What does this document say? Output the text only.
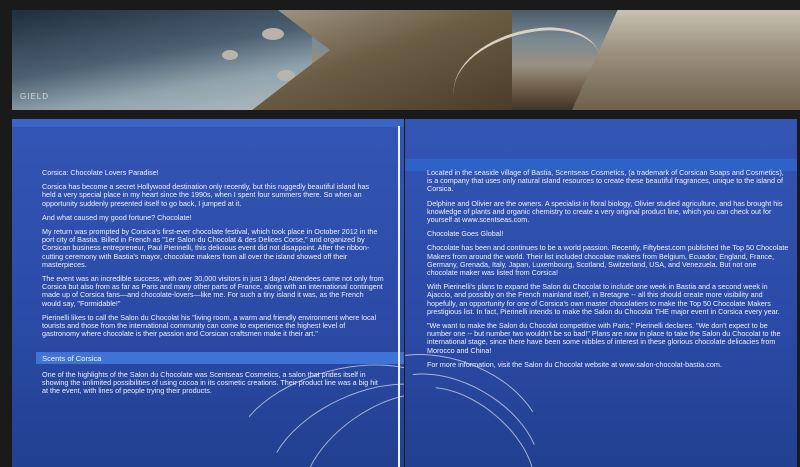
GIELD

Corsica: Chocolate Lovers Paradise!

Corsica has become a secret Hollywood destination only recently, but this ruggedly beautiful island has held a very special place in my heart since the 1990s, when I spent four summers there. So when an opportunity suddenly presented itself to go back, I jumped at it.

And what caused my good fortune? Chocolate!

My return was prompted by Corsica's first-ever chocolate festival, which took place in October 2012 in the port city of Bastia. Billed in French as "1er Salon du Chocolat & des Delices Corse," and organized by Corsican business entrepreneur, Paul Pierinelli, this delicious event did not disappoint. After the ribbon-cutting ceremony with Bastia's mayor, chocolate makers from all over the island showed off their masterpieces.

The event was an incredible success, with over 30,000 visitors in just 3 days! Attendees came not only from Corsica but also from as far as Paris and many other parts of France, along with an international contingent made up of Corsica fans—and chocolate-lovers—like me. For such a tiny island it was, as the French would say, "Formidable!"

Pierinelli likes to call the Salon du Chocolat his "living room, a warm and friendly environment where local tourists and those from the international community can come to experience the highest level of gastronomy where chocolate is their passion and Corsican craftsmen make it their art."

Scents of Corsica

One of the highlights of the Salon du Chocolate was Scentseas Cosmetics, a salon that prides itself in showing the unlimited possibilities of using cocoa in its cosmetic creations. Their product line was a big hit at the event, with lines of people trying their products.

Located in the seaside village of Bastia, Scentseas Cosmetics, (a trademark of Corsican Soaps and Cosmetics), is a company that uses only natural island resources to create these beautiful fragrances, unique to the island of Corsica.

Delphine and Olivier are the owners. A specialist in floral biology, Olivier studied agriculture, and has brought his knowledge of plants and organic chemistry to create a very original product line, which you can check out for yourself at www.scentseas.com.

Chocolate Goes Global!

Chocolate has been and continues to be a world passion. Recently, Fiftybest.com published the Top 50 Chocolate Makers from around the world. Their list included chocolate makers from Belgium, Ecuador, England, France, Germany, Grenada, Italy, Japan, Luxembourg, Scotland, Switzerland, USA, and Venezuela. But not one chocolate maker was listed from Corsica!

With Pierinelli's plans to expand the Salon du Chocolat to include one week in Bastia and a second week in Ajaccio, and possibly on the French mainland itself, in Bretagne -- all this should create more visibility and hopefully, an opportunity for one of Corsica's own master chocolatiers to make the Top 50 Chocolate Makers prestigious list. In fact, Pierinelli intends to make the Salon du Chocolat THE major event in Corsica every year.

"We want to make the Salon du Chocolat competitive with Paris," Pierinelli declares. "We don't expect to be number one -- but number two wouldn't be so bad!" Plans are now in place to take the Salon du Chocolat to the international stage, since there have been some nibbles of interest in these glorious chocolate delicacies from Morocco and China!

For more information, visit the Salon du Chocolat website at www.salon-chocolat-bastia.com.
